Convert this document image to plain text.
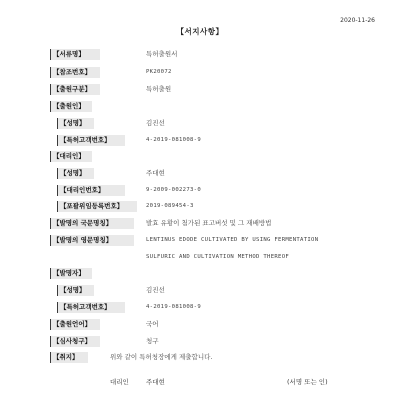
2020-11-26
【서지사항】
【서류명】	특허출원서
【참조번호】	PK20072
【출원구분】	특허출원
【출원인】
【성명】	김진선
【특허고객번호】	4-2019-081008-9
【대리인】
【성명】	주대현
【대리인번호】	9-2009-002273-0
【포괄위임등록번호】	2019-089454-3
【발명의 국문명칭】	발효 유황이 첨가된 표고버섯 및 그 재배방법
【발명의 영문명칭】	LENTINUS EDODE CULTIVATED BY USING FERMENTATION
SULFURIC AND CULTIVATION METHOD THEREOF
【발명자】
【성명】	김진선
【특허고객번호】	4-2019-081008-9
【출원언어】	국어
【심사청구】	청구
【취지】	위와 같이 특허청장에게 제출합니다.
대리인	주대현	(서명 또는 인)
